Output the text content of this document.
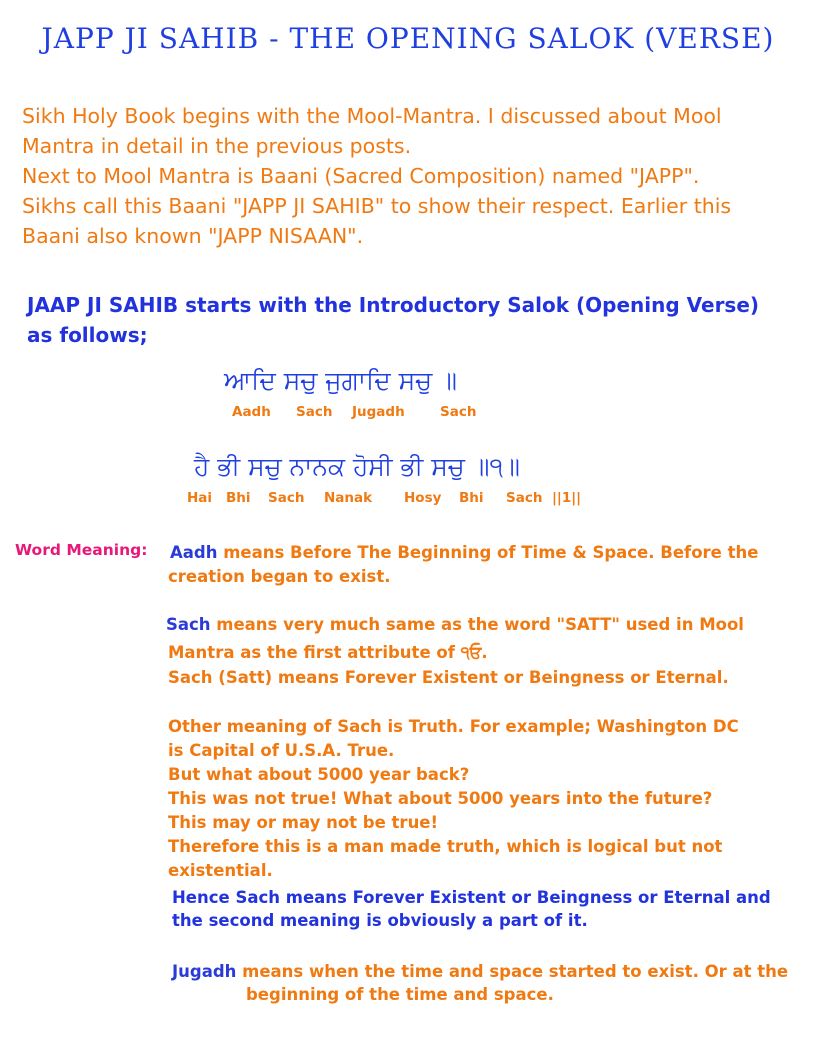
JAPP JI SAHIB - THE OPENING SALOK (VERSE)
Sikh Holy Book begins with the Mool-Mantra. I discussed about Mool
Mantra in detail in the previous posts.
Next to Mool Mantra is Baani (Sacred Composition) named "JAPP".
Sikhs call this Baani "JAPP JI SAHIB" to show their respect. Earlier this
Baani also known "JAPP NISAAN".
JAAP JI SAHIB starts with the Introductory Salok (Opening Verse)
as follows;
ਆਦਿ ਸਚੁ ਜੁਗਾਦਿ ਸਚੁ ॥
Aadh Sach Jugadh	Sach
ਹੈ ਭੀ ਸਚੁ ਨਾਨਕ ਹੋਸੀ ਭੀ ਸਚੁ ॥੧॥
Hai Bhi Sach Nanak Hosy Bhi Sach ||1||
Word Meaning: Aadh means Before The Beginning of Time & Space. Before the
creation began to exist.
Sach means very much same as the word "SATT" used in Mool
Mantra as the first attribute of ੧ਓ.
Sach (Satt) means Forever Existent or Beingness or Eternal.
Other meaning of Sach is Truth. For example; Washington DC
is Capital of U.S.A. True.
But what about 5000 year back?
This was not true! What about 5000 years into the future?
This may or may not be true!
Therefore this is a man made truth, which is logical but not
existential.
Hence Sach means Forever Existent or Beingness or Eternal and
the second meaning is obviously a part of it.
Jugadh means when the time and space started to exist. Or at the
beginning of the time and space.
